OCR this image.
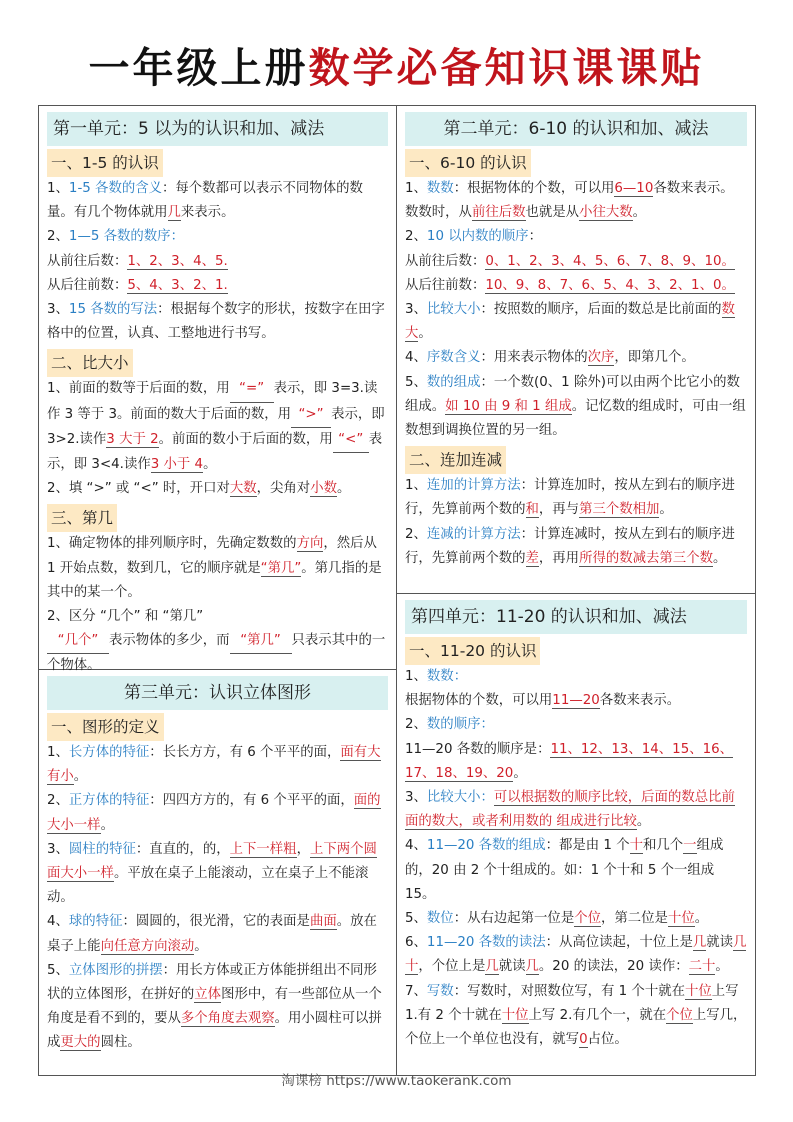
一年级上册数学必备知识课课贴
第一单元：5 以为的认识和加、减法
一、1-5 的认识

1、1-5 各数的含义：每个数都可以表示不同物体的数量。有几个物体就用几来表示。

2、1—5 各数的数序：

从前往后数：1、2、3、4、5.

从后往前数：5、4、3、2、1.

3、15 各数的写法：根据每个数字的形状，按数字在田字格中的位置，认真、工整地进行书写。

二、比大小

1、前面的数等于后面的数，用 “=” 表示，即 3=3.读作 3 等于 3。前面的数大于后面的数，用 “>” 表示，即 3>2.读作3 大于 2。前面的数小于后面的数，用 “<” 表示，即 3<4.读作3 小于 4。

2、填 “>” 或 “<” 时，开口对大数，尖角对小数。

三、第几

1、确定物体的排列顺序时，先确定数数的方向，然后从 1 开始点数，数到几，它的顺序就是“第几”。第几指的是其中的某一个。

2、区分 “几个” 和 “第几”

“几个” 表示物体的多少，而 “第几” 只表示其中的一个物体。

第三单元：认识立体图形
一、图形的定义

1、长方体的特征：长长方方，有 6 个平平的面，面有大有小。

2、正方体的特征：四四方方的，有 6 个平平的面，面的大小一样。

3、圆柱的特征：直直的，的，上下一样粗，上下两个圆面大小一样。平放在桌子上能滚动，立在桌子上不能滚动。

4、球的特征：圆圆的，很光滑，它的表面是曲面。放在桌子上能向任意方向滚动。

5、立体图形的拼摆：用长方体或正方体能拼组出不同形状的立体图形，在拼好的立体图形中，有一些部位从一个角度是看不到的，要从多个角度去观察。用小圆柱可以拼成更大的圆柱。

第二单元：6-10 的认识和加、减法
一、6-10 的认识

1、数数：根据物体的个数，可以用6—10各数来表示。数数时，从前往后数也就是从小往大数。

2、10 以内数的顺序：

从前往后数：0、1、2、3、4、5、6、7、8、9、10。

从后往前数：10、9、8、7、6、5、4、3、2、1、0。

3、比较大小：按照数的顺序，后面的数总是比前面的数大。

4、序数含义：用来表示物体的次序，即第几个。

5、数的组成：一个数(0、1 除外)可以由两个比它小的数组成。如 10 由 9 和 1 组成。记忆数的组成时，可由一组数想到调换位置的另一组。

二、连加连减

1、连加的计算方法：计算连加时，按从左到右的顺序进行，先算前两个数的和，再与第三个数相加。

2、连减的计算方法：计算连减时，按从左到右的顺序进行，先算前两个数的差，再用所得的数减去第三个数。

第四单元：11-20 的认识和加、减法
一、11-20 的认识

1、数数：

根据物体的个数，可以用11—20各数来表示。

2、数的顺序：

11—20 各数的顺序是：11、12、13、14、15、16、17、18、19、20。

3、比较大小：可以根据数的顺序比较，后面的数总比前面的数大，或者利用数的 组成进行比较。

4、11—20 各数的组成：都是由 1 个十和几个一组成的，20 由 2 个十组成的。如：1 个十和 5 个一组成 15。

5、数位：从右边起第一位是个位，第二位是十位。

6、11—20 各数的读法：从高位读起，十位上是几就读几十，个位上是几就读几。20 的读法，20 读作：二十。

7、写数：写数时，对照数位写，有 1 个十就在十位上写 1.有 2 个十就在十位上写 2.有几个一，就在个位上写几，个位上一个单位也没有，就写0占位。

淘课榜 https://www.taokerank.com
